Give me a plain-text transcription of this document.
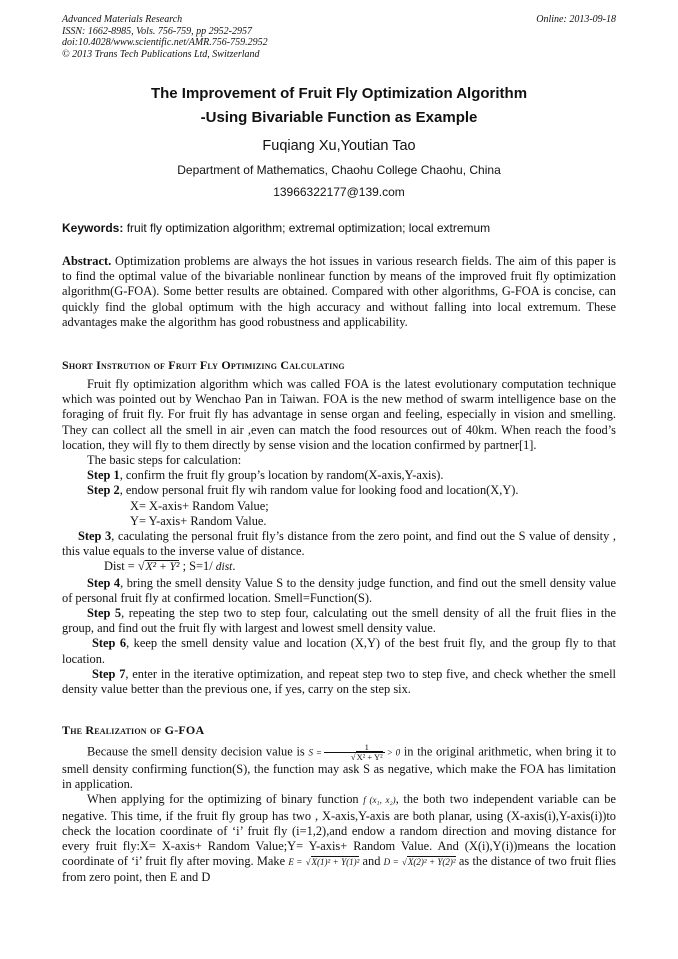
Advanced Materials Research
ISSN: 1662-8985, Vols. 756-759, pp 2952-2957
doi:10.4028/www.scientific.net/AMR.756-759.2952
© 2013 Trans Tech Publications Ltd, Switzerland
Online: 2013-09-18
The Improvement of Fruit Fly Optimization Algorithm
-Using Bivariable Function as Example
Fuqiang Xu,Youtian Tao
Department of Mathematics, Chaohu College Chaohu, China
13966322177@139.com
Keywords: fruit fly optimization algorithm; extremal optimization; local extremum
Abstract. Optimization problems are always the hot issues in various research fields. The aim of this paper is to find the optimal value of the bivariable nonlinear function by means of the improved fruit fly optimization algorithm(G-FOA). Some better results are obtained. Compared with other algorithms, G-FOA is concise, can quickly find the global optimum with the high accuracy and without falling into local extremum. These advantages make the algorithm has good robustness and applicability.
Short Instrution of Fruit Fly Optimizing Calculating

Fruit fly optimization algorithm which was called FOA is the latest evolutionary computation technique which was pointed out by Wenchao Pan in Taiwan. FOA is the new method of swarm intelligence base on the foraging of fruit fly. For fruit fly has advantage in sense organ and feeling, especially in vision and smelling. They can collect all the smell in air ,even can match the food resources out of 40km. When reach the food’s location, they will fly to them directly by sense vision and the location confirmed by partner[1].

The basic steps for calculation:

Step 1, confirm the fruit fly group’s location by random(X-axis,Y-axis).

Step 2, endow personal fruit fly wih random value for looking food and location(X,Y).

X= X-axis+ Random Value;

Y= Y-axis+ Random Value.

Step 3, caculating the personal fruit fly’s distance from the zero point, and find out the S value of density , this value equals to the inverse value of distance.

Dist = √X² + Y² ; S=1/ dist.

Step 4, bring the smell density Value S to the density judge function, and find out the smell density value of personal fruit fly at confirmed location. Smell=Function(S).

Step 5, repeating the step two to step four, calculating out the smell density of all the fruit flies in the group, and find out the fruit fly with largest and lowest smell density value.

Step 6, keep the smell density value and location (X,Y) of the best fruit fly, and the group fly to that location.

Step 7, enter in the iterative optimization, and repeat step two to step five, and check whether the smell density value better than the previous one, if yes, carry on the step six.

The Realization of G-FOA

Because the smell density decision value is $S = \frac{1}{\text{√X² + Y²}} > 0$ in the original arithmetic, when bring it to smell density confirming function(S), the function may ask S as negative, which make the FOA has limitation in application.

When applying for the optimizing of binary function f (x₁, x₂), the both two independent variable can be negative. This time, if the fruit fly group has two , X-axis,Y-axis are both planar, using (X-axis(i),Y-axis(i))to check the location coordinate of ‘i’ fruit fly (i=1,2),and endow a random direction and moving distance for every fruit fly:X= X-axis+ Random Value;Y= Y-axis+ Random Value. And (X(i),Y(i))means the location coordinate of ‘i’ fruit fly after moving. Make E = √X(1)² + Y(1)² and D = √X(2)² + Y(2)² as the distance of two fruit flies from zero point, then E and D
